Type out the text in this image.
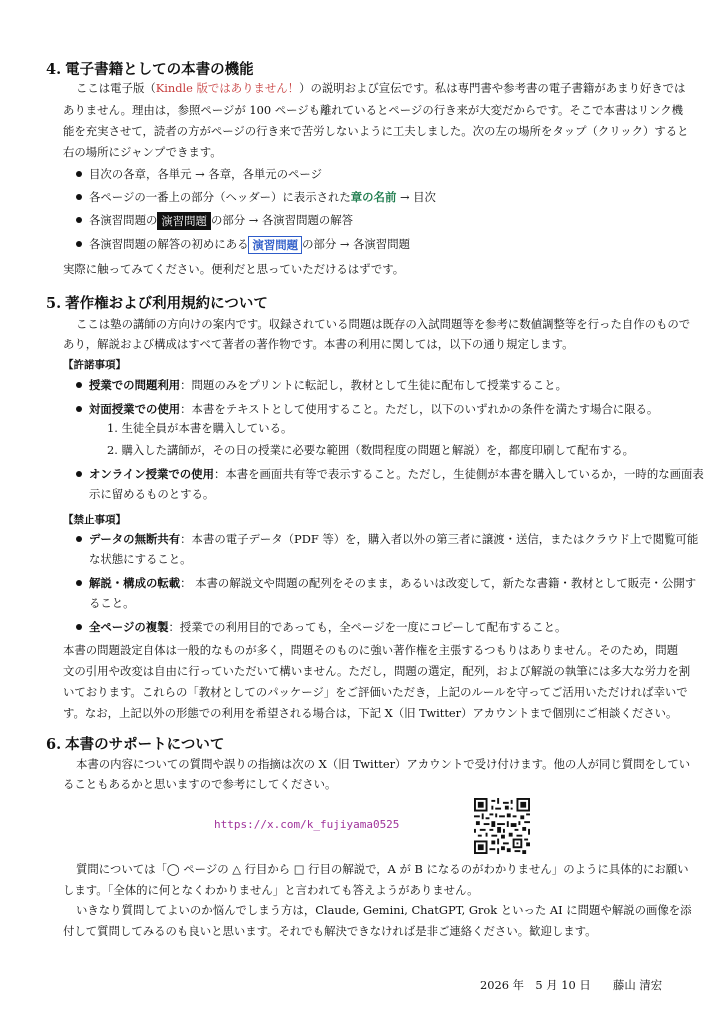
4. 電子書籍としての本書の機能
ここは電子版（Kindle 版ではありません！）の説明および宣伝です。私は専門書や参考書の電子書籍があまり好きでは
ありません。理由は，参照ページが 100 ページも離れているとページの行き来が大変だからです。そこで本書はリンク機
能を充実させて，読者の方がページの行き来で苦労しないように工夫しました。次の左の場所をタップ（クリック）すると
右の場所にジャンプできます。
目次の各章，各単元 → 各章，各単元のページ
各ページの一番上の部分（ヘッダー）に表示された章の名前 → 目次
各演習問題の 演習問題 の部分 → 各演習問題の解答
各演習問題の解答の初めにある 演習問題 の部分 → 各演習問題
実際に触ってみてください。便利だと思っていただけるはずです。
5. 著作権および利用規約について
ここは塾の講師の方向けの案内です。収録されている問題は既存の入試問題等を参考に数値調整等を行った自作のもので
あり，解説および構成はすべて著者の著作物です。本書の利用に関しては，以下の通り規定します。
【許諾事項】
授業での問題利用：問題のみをプリントに転記し，教材として生徒に配布して授業すること。
対面授業での使用：本書をテキストとして使用すること。ただし，以下のいずれかの条件を満たす場合に限る。
1. 生徒全員が本書を購入している。
2. 購入した講師が，その日の授業に必要な範囲（数問程度の問題と解説）を，都度印刷して配布する。
オンライン授業での使用：本書を画面共有等で表示すること。ただし，生徒側が本書を購入しているか，一時的な画面表
示に留めるものとする。
【禁止事項】
データの無断共有：本書の電子データ（PDF 等）を，購入者以外の第三者に譲渡・送信，またはクラウド上で閲覧可能
な状態にすること。
解説・構成の転載： 本書の解説文や問題の配列をそのまま，あるいは改変して，新たな書籍・教材として販売・公開す
ること。
全ページの複製：授業での利用目的であっても，全ページを一度にコピーして配布すること。
本書の問題設定自体は一般的なものが多く，問題そのものに強い著作権を主張するつもりはありません。そのため，問題
文の引用や改変は自由に行っていただいて構いません。ただし，問題の選定，配列，および解説の執筆には多大な労力を割
いております。これらの「教材としてのパッケージ」をご評価いただき，上記のルールを守ってご活用いただければ幸いで
す。なお，上記以外の形態での利用を希望される場合は，下記 X（旧 Twitter）アカウントまで個別にご相談ください。
6. 本書のサポートについて
本書の内容についての質問や誤りの指摘は次の X（旧 Twitter）アカウントで受け付けます。他の人が同じ質問をしてい
ることもあるかと思いますので参考にしてください。
https://x.com/k_fujiyama0525
質問については「◯ ページの △ 行目から □ 行目の解説で，A が B になるのがわかりません」のように具体的にお願い
します。「全体的に何となくわかりません」と言われても答えようがありません。
いきなり質問してよいのか悩んでしまう方は，Claude, Gemini, ChatGPT, Grok といった AI に問題や解説の画像を添
付して質問してみるのも良いと思います。それでも解決できなければ是非ご連絡ください。歓迎します。
2026 年　5 月 10 日 藤山 清宏
